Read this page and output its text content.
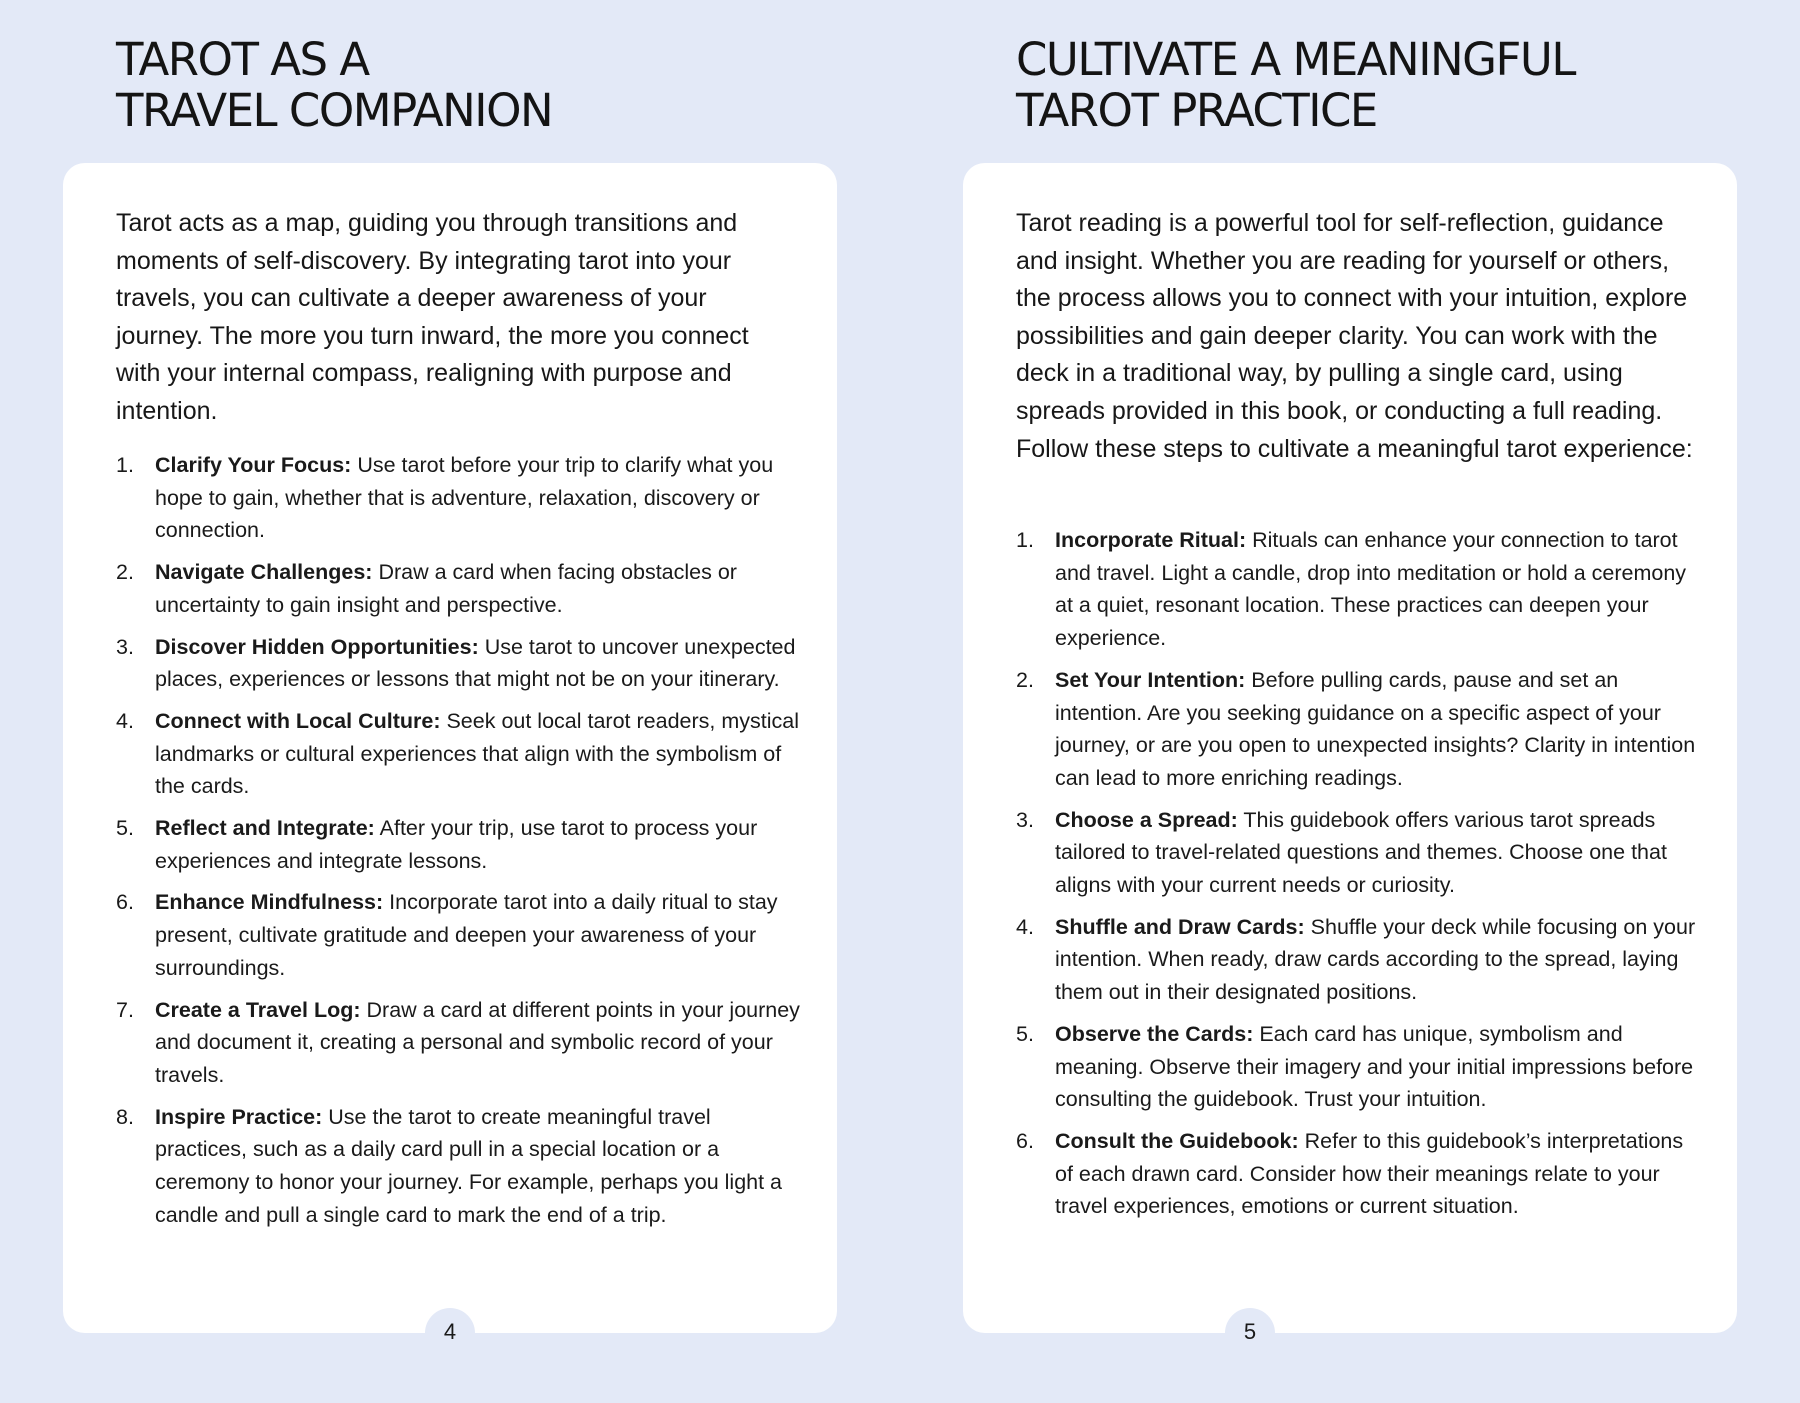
TAROT AS A
TRAVEL COMPANION

Tarot acts as a map, guiding you through transitions and moments of self-discovery. By integrating tarot into your travels, you can cultivate a deeper awareness of your journey. The more you turn inward, the more you connect with your internal compass, realigning with purpose and intention.

1. Clarify Your Focus: Use tarot before your trip to clarify what you hope to gain, whether that is adventure, relaxation, discovery or connection.
2. Navigate Challenges: Draw a card when facing obstacles or uncertainty to gain insight and perspective.
3. Discover Hidden Opportunities: Use tarot to uncover unexpected places, experiences or lessons that might not be on your itinerary.
4. Connect with Local Culture: Seek out local tarot readers, mystical landmarks or cultural experiences that align with the symbolism of the cards.
5. Reflect and Integrate: After your trip, use tarot to process your experiences and integrate lessons.
6. Enhance Mindfulness: Incorporate tarot into a daily ritual to stay present, cultivate gratitude and deepen your awareness of your surroundings.
7. Create a Travel Log: Draw a card at different points in your journey and document it, creating a personal and symbolic record of your travels.
8. Inspire Practice: Use the tarot to create meaningful travel practices, such as a daily card pull in a special location or a ceremony to honor your journey. For example, perhaps you light a candle and pull a single card to mark the end of a trip.
4
CULTIVATE A MEANINGFUL
TAROT PRACTICE

Tarot reading is a powerful tool for self-reflection, guidance and insight. Whether you are reading for yourself or others, the process allows you to connect with your intuition, explore possibilities and gain deeper clarity. You can work with the deck in a traditional way, by pulling a single card, using spreads provided in this book, or conducting a full reading. Follow these steps to cultivate a meaningful tarot experience:

1. Incorporate Ritual: Rituals can enhance your connection to tarot and travel. Light a candle, drop into meditation or hold a ceremony at a quiet, resonant location. These practices can deepen your experience.
2. Set Your Intention: Before pulling cards, pause and set an intention. Are you seeking guidance on a specific aspect of your journey, or are you open to unexpected insights? Clarity in intention can lead to more enriching readings.
3. Choose a Spread: This guidebook offers various tarot spreads tailored to travel-related questions and themes. Choose one that aligns with your current needs or curiosity.
4. Shuffle and Draw Cards: Shuffle your deck while focusing on your intention. When ready, draw cards according to the spread, laying them out in their designated positions.
5. Observe the Cards: Each card has unique, symbolism and meaning. Observe their imagery and your initial impressions before consulting the guidebook. Trust your intuition.
6. Consult the Guidebook: Refer to this guidebook’s interpretations of each drawn card. Consider how their meanings relate to your travel experiences, emotions or current situation.
5
